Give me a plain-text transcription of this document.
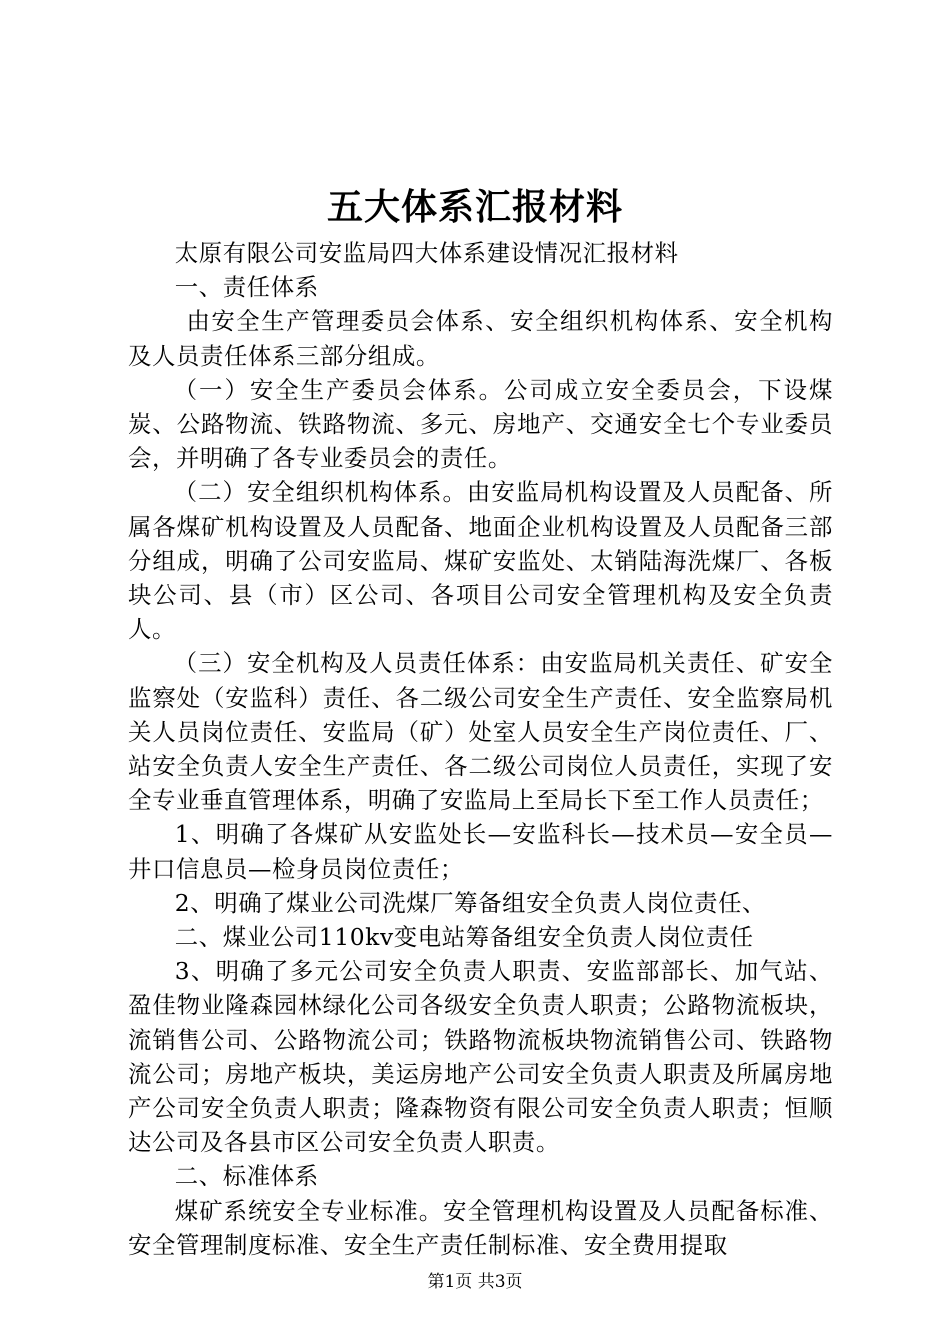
五大体系汇报材料

太原有限公司安监局四大体系建设情况汇报材料

一、责任体系

由安全生产管理委员会体系、安全组织机构体系、安全机构及人员责任体系三部分组成。

（一）安全生产委员会体系。公司成立安全委员会，下设煤炭、公路物流、铁路物流、多元、房地产、交通安全七个专业委员会，并明确了各专业委员会的责任。

（二）安全组织机构体系。由安监局机构设置及人员配备、所属各煤矿机构设置及人员配备、地面企业机构设置及人员配备三部分组成，明确了公司安监局、煤矿安监处、太销陆海洗煤厂、各板块公司、县（市）区公司、各项目公司安全管理机构及安全负责人。

（三）安全机构及人员责任体系：由安监局机关责任、矿安全监察处（安监科）责任、各二级公司安全生产责任、安全监察局机关人员岗位责任、安监局（矿）处室人员安全生产岗位责任、厂、站安全负责人安全生产责任、各二级公司岗位人员责任，实现了安全专业垂直管理体系，明确了安监局上至局长下至工作人员责任；

1、明确了各煤矿从安监处长—安监科长—技术员—安全员—井口信息员—检身员岗位责任；

2、明确了煤业公司洗煤厂筹备组安全负责人岗位责任、

二、煤业公司110kv变电站筹备组安全负责人岗位责任

3、明确了多元公司安全负责人职责、安监部部长、加气站、盈佳物业隆森园林绿化公司各级安全负责人职责；公路物流板块，流销售公司、公路物流公司；铁路物流板块物流销售公司、铁路物流公司；房地产板块，美运房地产公司安全负责人职责及所属房地产公司安全负责人职责；隆森物资有限公司安全负责人职责；恒顺达公司及各县市区公司安全负责人职责。

二、标准体系

煤矿系统安全专业标准。安全管理机构设置及人员配备标准、安全管理制度标准、安全生产责任制标准、安全费用提取

第1页 共3页
